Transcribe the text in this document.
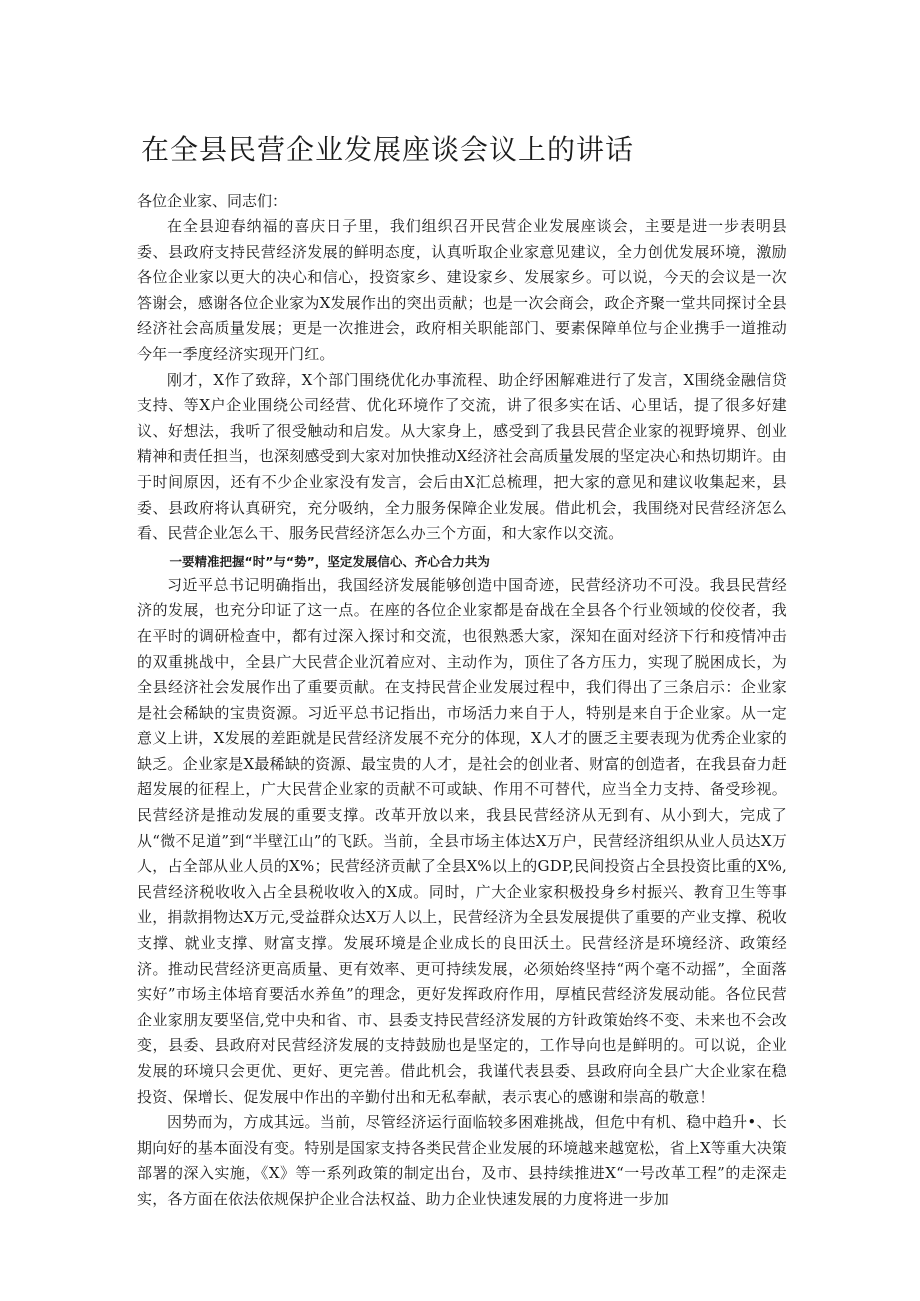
在全县民营企业发展座谈会议上的讲话

各位企业家、同志们：

在全县迎春纳福的喜庆日子里，我们组织召开民营企业发展座谈会，主要是进一步表明县委、县政府支持民营经济发展的鲜明态度，认真听取企业家意见建议，全力创优发展环境，激励各位企业家以更大的决心和信心，投资家乡、建设家乡、发展家乡。可以说，今天的会议是一次答谢会，感谢各位企业家为X发展作出的突出贡献；也是一次会商会，政企齐聚一堂共同探讨全县经济社会高质量发展；更是一次推进会，政府相关职能部门、要素保障单位与企业携手一道推动今年一季度经济实现开门红。

刚才，X作了致辞，X个部门围绕优化办事流程、助企纾困解难进行了发言，X围绕金融信贷支持、等X户企业围绕公司经营、优化环境作了交流，讲了很多实在话、心里话，提了很多好建议、好想法，我听了很受触动和启发。从大家身上，感受到了我县民营企业家的视野境界、创业精神和责任担当，也深刻感受到大家对加快推动X经济社会高质量发展的坚定决心和热切期许。由于时间原因，还有不少企业家没有发言，会后由X汇总梳理，把大家的意见和建议收集起来，县委、县政府将认真研究，充分吸纳，全力服务保障企业发展。借此机会，我围绕对民营经济怎么看、民营企业怎么干、服务民营经济怎么办三个方面，和大家作以交流。

一要精准把握“时”与“势”，坚定发展信心、齐心合力共为

习近平总书记明确指出，我国经济发展能够创造中国奇迹，民营经济功不可没。我县民营经济的发展，也充分印证了这一点。在座的各位企业家都是奋战在全县各个行业领域的佼佼者，我在平时的调研检查中，都有过深入探讨和交流，也很熟悉大家，深知在面对经济下行和疫情冲击的双重挑战中，全县广大民营企业沉着应对、主动作为，顶住了各方压力，实现了脱困成长，为全县经济社会发展作出了重要贡献。在支持民营企业发展过程中，我们得出了三条启示：企业家是社会稀缺的宝贵资源。习近平总书记指出，市场活力来自于人，特别是来自于企业家。从一定意义上讲，X发展的差距就是民营经济发展不充分的体现，X人才的匮乏主要表现为优秀企业家的缺乏。企业家是X最稀缺的资源、最宝贵的人才，是社会的创业者、财富的创造者，在我县奋力赶超发展的征程上，广大民营企业家的贡献不可或缺、作用不可替代，应当全力支持、备受珍视。民营经济是推动发展的重要支撑。改革开放以来，我县民营经济从无到有、从小到大，完成了从“微不足道”到“半壁江山”的飞跃。当前，全县市场主体达X万户，民营经济组织从业人员达X万人，占全部从业人员的X%；民营经济贡献了全县X%以上的GDP,民间投资占全县投资比重的X%,民营经济税收收入占全县税收收入的X成。同时，广大企业家积极投身乡村振兴、教育卫生等事业，捐款捐物达X万元,受益群众达X万人以上，民营经济为全县发展提供了重要的产业支撑、税收支撑、就业支撑、财富支撑。发展环境是企业成长的良田沃土。民营经济是环境经济、政策经济。推动民营经济更高质量、更有效率、更可持续发展，必须始终坚持“两个毫不动摇”，全面落实好”市场主体培育要活水养鱼”的理念，更好发挥政府作用，厚植民营经济发展动能。各位民营企业家朋友要坚信,党中央和省、市、县委支持民营经济发展的方针政策始终不变、未来也不会改变，县委、县政府对民营经济发展的支持鼓励也是坚定的，工作导向也是鲜明的。可以说，企业发展的环境只会更优、更好、更完善。借此机会，我谨代表县委、县政府向全县广大企业家在稳投资、保增长、促发展中作出的辛勤付出和无私奉献，表示衷心的感谢和崇高的敬意！

因势而为，方成其远。当前，尽管经济运行面临较多困难挑战，但危中有机、稳中趋升•、长期向好的基本面没有变。特别是国家支持各类民营企业发展的环境越来越宽松，省上X等重大决策部署的深入实施，《X》等一系列政策的制定出台，及市、县持续推进X“一号改革工程”的走深走实，各方面在依法依规保护企业合法权益、助力企业快速发展的力度将进一步加
